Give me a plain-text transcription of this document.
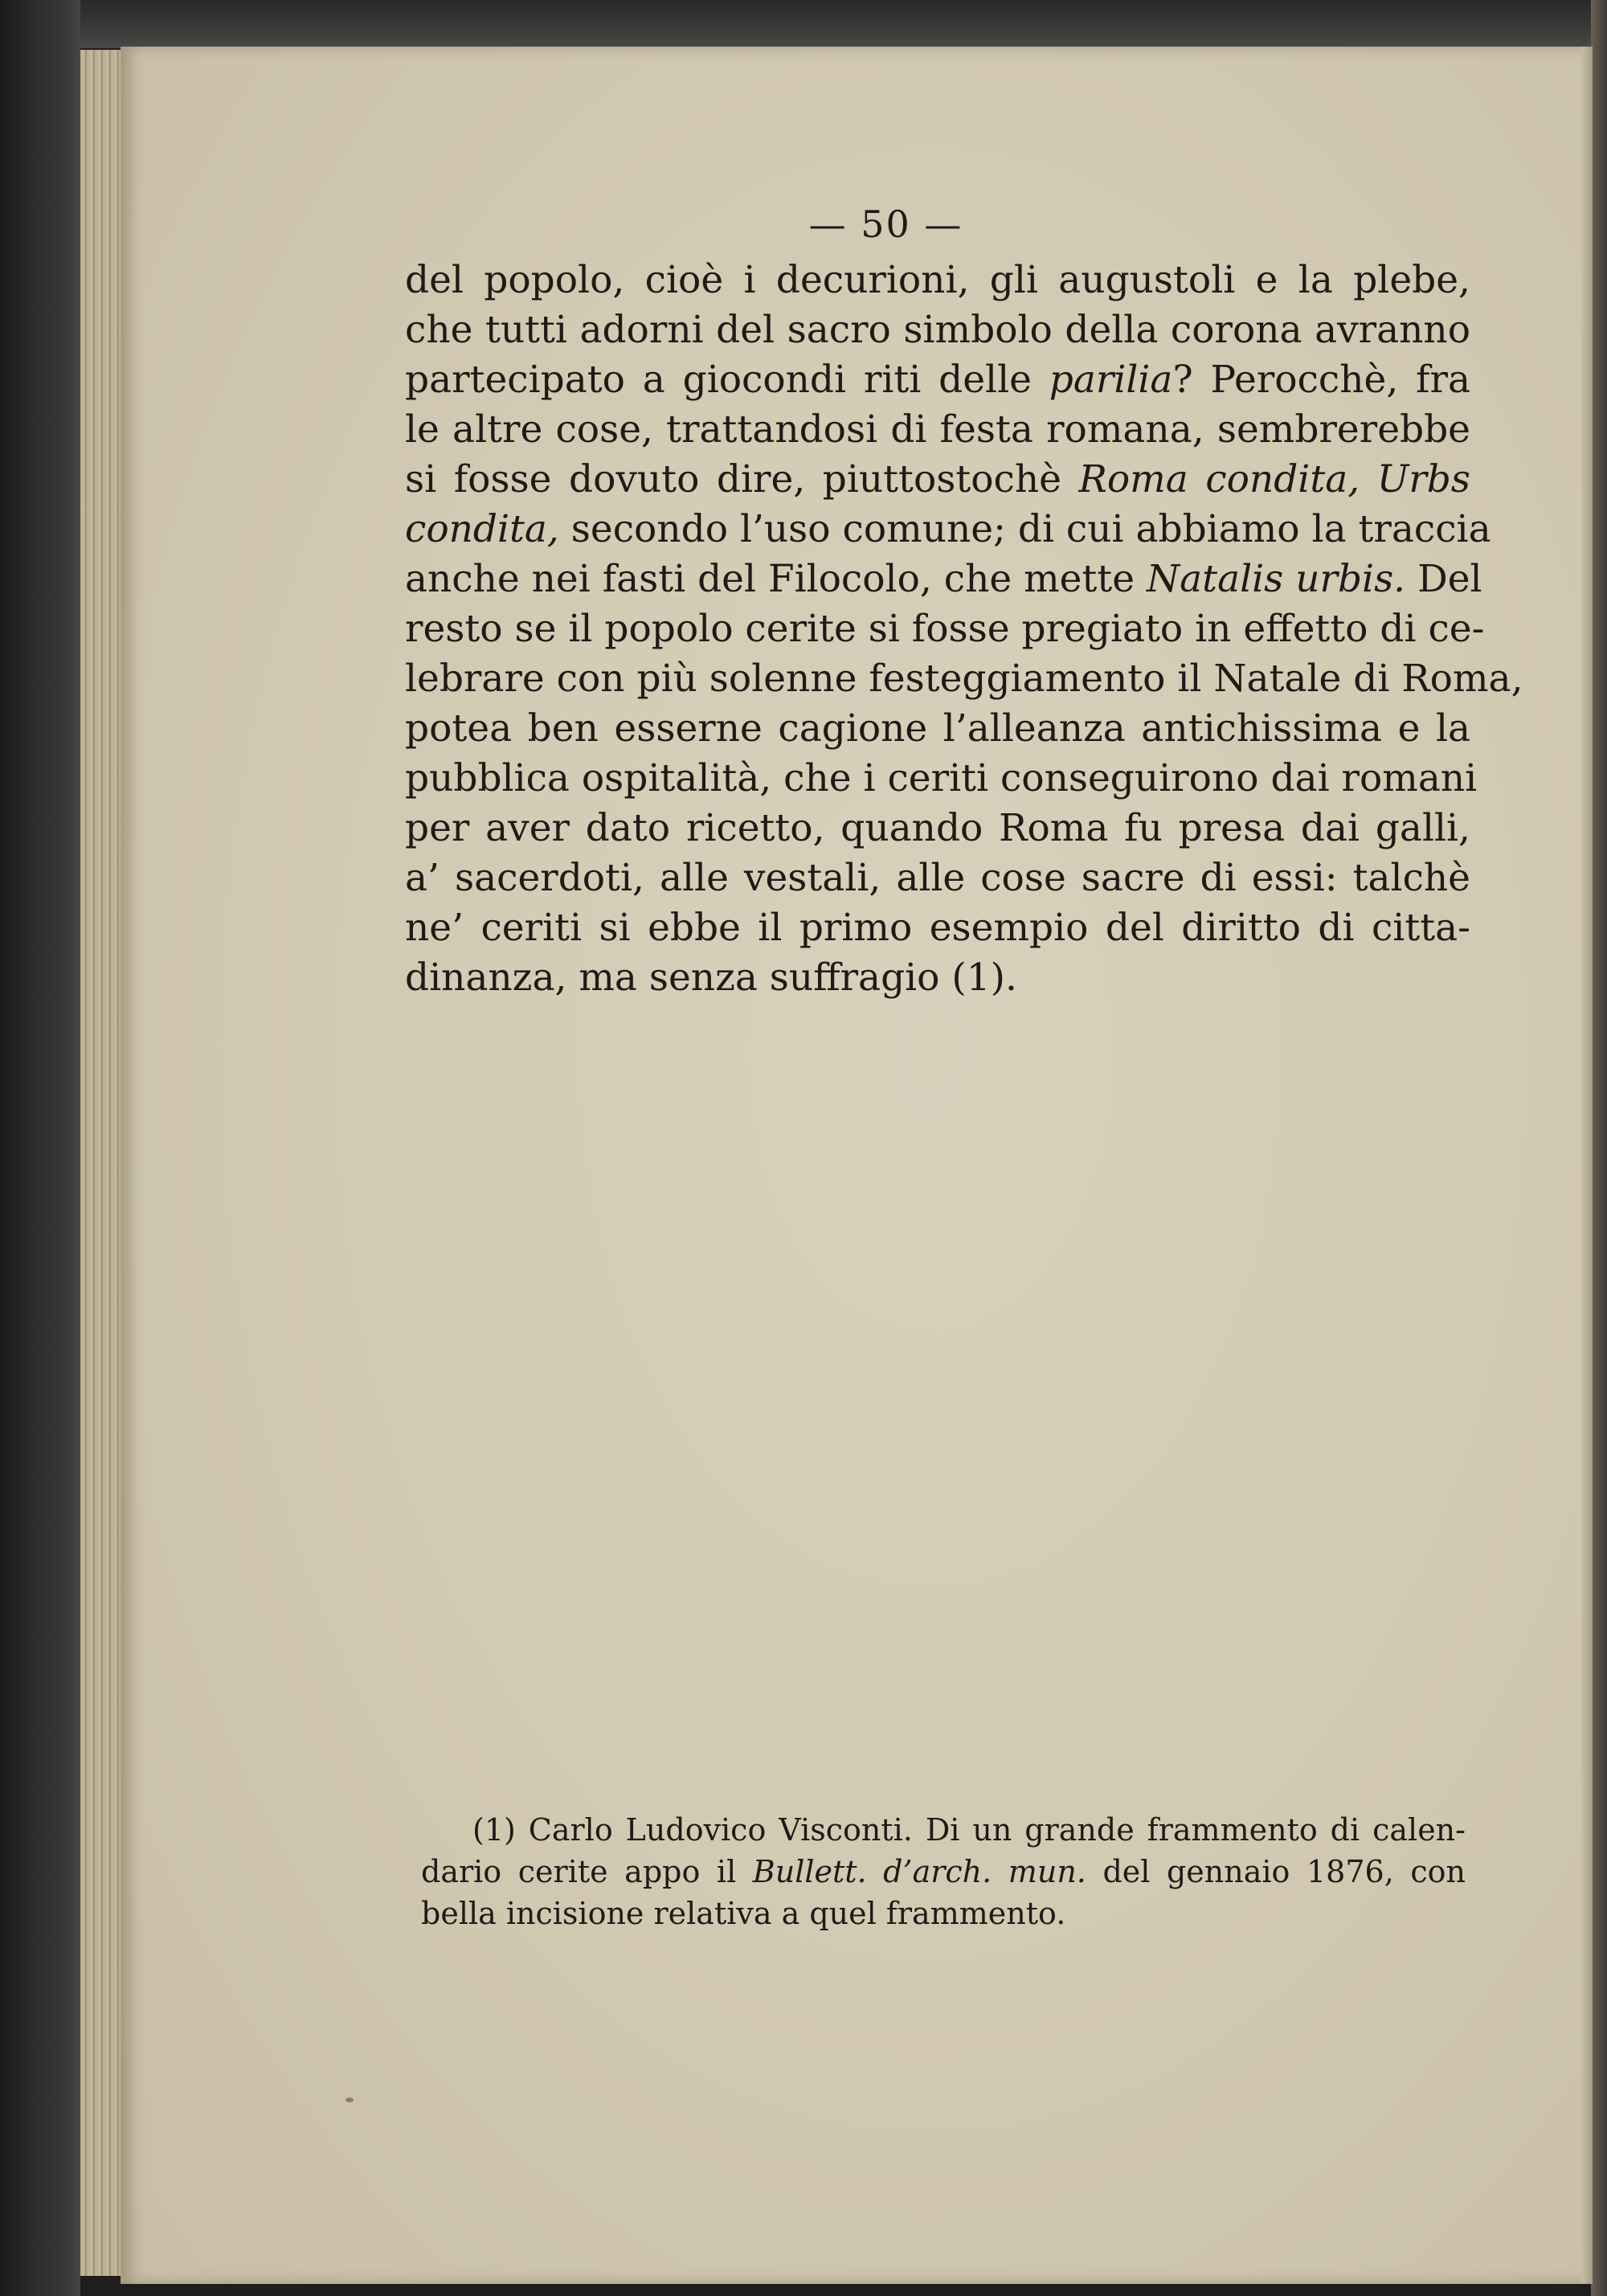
— 50 —
del popolo, cioè i decurioni, gli augustoli e la plebe,
che tutti adorni del sacro simbolo della corona avranno
partecipato a giocondi riti delle parilia? Perocchè, fra
le altre cose, trattandosi di festa romana, sembrerebbe
si fosse dovuto dire, piuttostochè Roma condita, Urbs
condita, secondo l’uso comune; di cui abbiamo la traccia
anche nei fasti del Filocolo, che mette Natalis urbis. Del
resto se il popolo cerite si fosse pregiato in effetto di ce-
lebrare con più solenne festeggiamento il Natale di Roma,
potea ben esserne cagione l’alleanza antichissima e la
pubblica ospitalità, che i ceriti conseguirono dai romani
per aver dato ricetto, quando Roma fu presa dai galli,
a’ sacerdoti, alle vestali, alle cose sacre di essi: talchè
ne’ ceriti si ebbe il primo esempio del diritto di citta-
dinanza, ma senza suffragio (1).
(1) Carlo Ludovico Visconti. Di un grande frammento di calen-
dario cerite appo il Bullett. d’arch. mun. del gennaio 1876, con
bella incisione relativa a quel frammento.
